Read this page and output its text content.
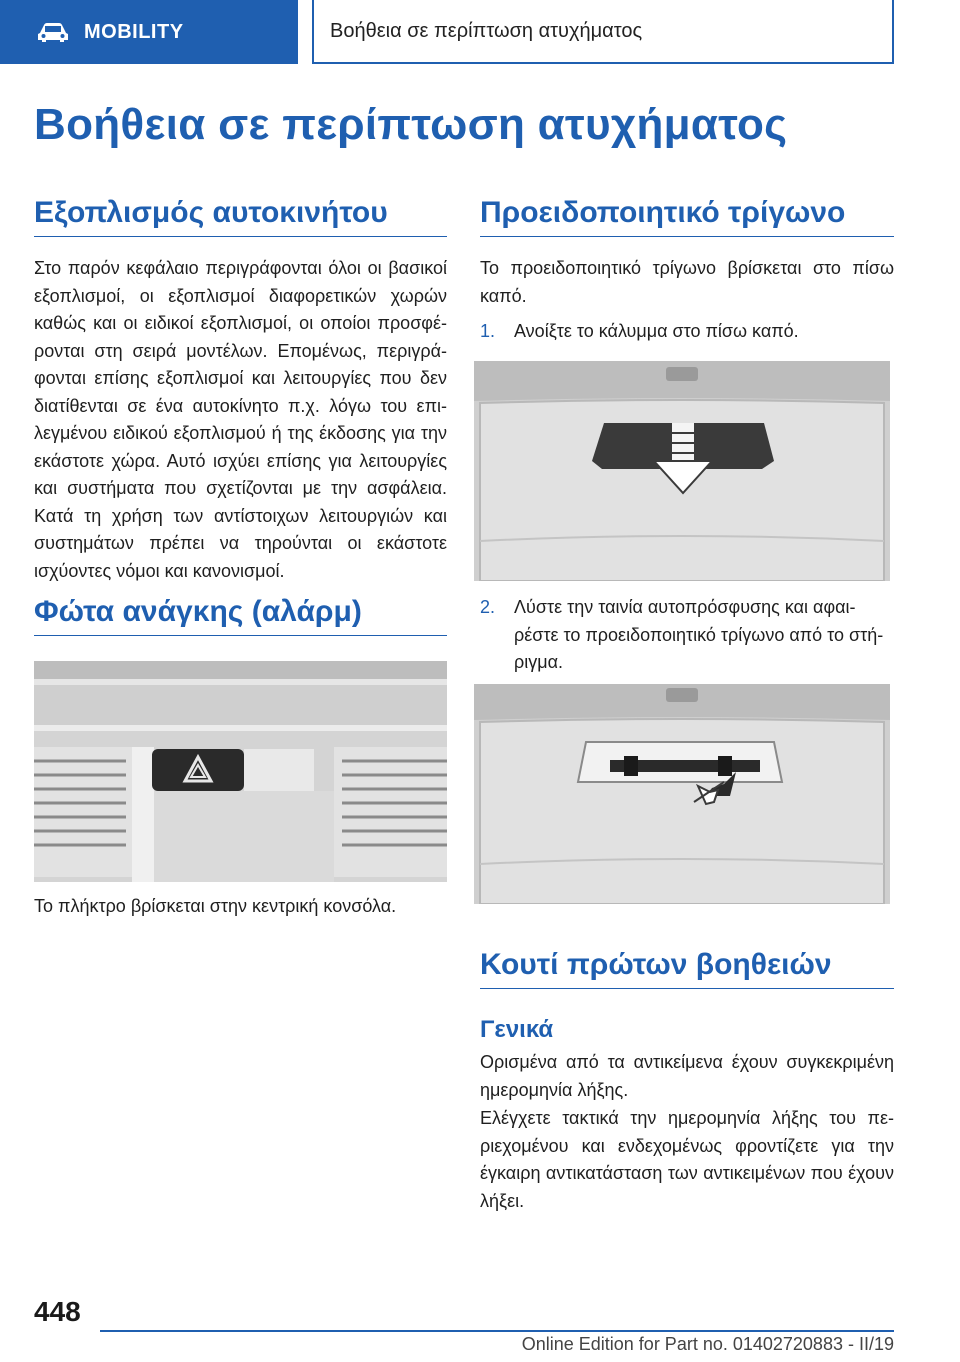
MOBILITY	Βοήθεια σε περίπτωση ατυχήματος
Βοήθεια σε περίπτωση ατυχήματος
Εξοπλισμός αυτοκινήτου

Στο παρόν κεφάλαιο περιγράφονται όλοι οι βασικοί εξοπλισμοί, οι εξοπλισμοί διαφορετικών χωρών καθώς και οι ειδικοί εξοπλισμοί, οι οποίοι προσφέρονται στη σειρά μοντέλων. Επομένως, περιγράφονται επίσης εξοπλισμοί και λειτουργίες που δεν διατίθενται σε ένα αυτοκίνητο π.χ. λόγω του επιλεγμένου ειδικού εξοπλισμού ή της έκδοσης για την εκάστοτε χώρα. Αυτό ισχύει επίσης για λειτουργίες και συστήματα που σχετίζονται με την ασφάλεια. Κατά τη χρήση των αντίστοιχων λειτουργιών και συστημάτων πρέπει να τηρούνται οι εκάστοτε ισχύοντες νόμοι και κανονισμοί.

Φώτα ανάγκης (αλάρμ)

Το πλήκτρο βρίσκεται στην κεντρική κονσόλα.

Προειδοποιητικό τρίγωνο

Το προειδοποιητικό τρίγωνο βρίσκεται στο πίσω καπό.

1.	Ανοίξτε το κάλυμμα στο πίσω καπό.
2.	Λύστε την ταινία αυτοπρόσφυσης και αφαιρέστε το προειδοποιητικό τρίγωνο από το στήριγμα.
Κουτί πρώτων βοηθειών
Γενικά

Ορισμένα από τα αντικείμενα έχουν συγκεκριμένη ημερομηνία λήξης.

Ελέγχετε τακτικά την ημερομηνία λήξης του περιεχομένου και ενδεχομένως φροντίζετε για την έγκαιρη αντικατάσταση των αντικειμένων που έχουν λήξει.

448
Online Edition for Part no. 01402720883 - II/19
